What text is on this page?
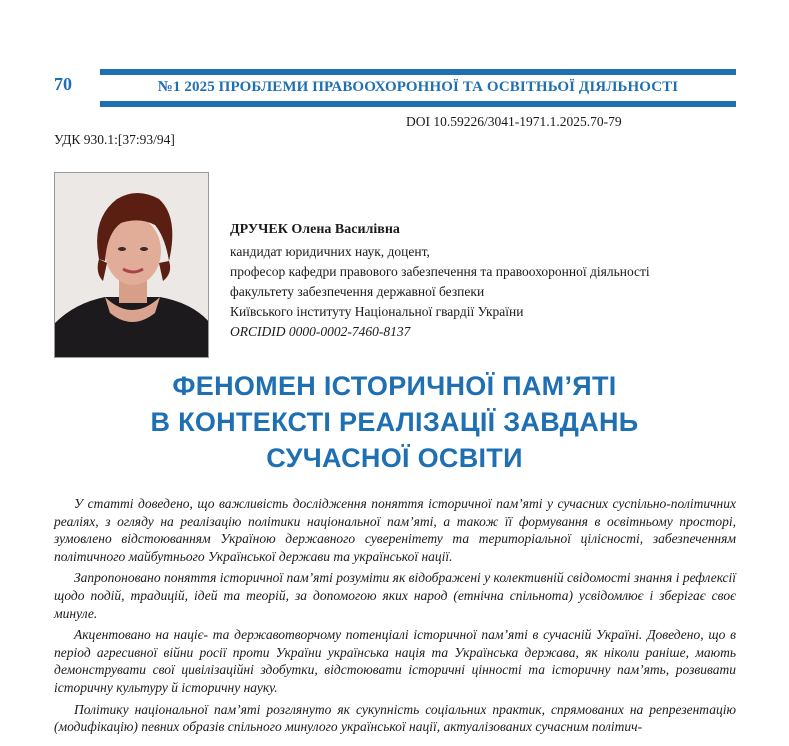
70	№1 2025 ПРОБЛЕМИ ПРАВООХОРОННОЇ ТА ОСВІТНЬОЇ ДІЯЛЬНОСТІ
DOI 10.59226/3041-1971.1.2025.70-79
УДК 930.1:[37:93/94]
ДРУЧЕК Олена Василівна
кандидат юридичних наук, доцент,
професор кафедри правового забезпечення та правоохоронної діяльності
факультету забезпечення державної безпеки
Київського інституту Національної гвардії України
ORCIDID 0000-0002-7460-8137
ФЕНОМЕН ІСТОРИЧНОЇ ПАМ’ЯТІ
В КОНТЕКСТІ РЕАЛІЗАЦІЇ ЗАВДАНЬ
СУЧАСНОЇ ОСВІТИ

У статті доведено, що важливість дослідження поняття історичної пам’яті у сучасних суспільно-політичних реаліях, з огляду на реалізацію політики національної пам’яті, а також її формування в освітньому просторі, зумовлено відстоюванням Україною державного суверенітету та територіальної цілісності, забезпеченням політичного майбутнього Української держави та української нації.

Запропоновано поняття історичної пам’яті розуміти як відображені у колективній свідомості знання і рефлексії щодо подій, традицій, ідей та теорій, за допомогою яких народ (етнічна спільнота) усвідомлює і зберігає своє минуле.

Акцентовано на націє- та державотворчому потенціалі історичної пам’яті в сучасній Україні. Доведено, що в період агресивної війни росії проти України українська нація та Українська держава, як ніколи раніше, мають демонструвати свої цивілізаційні здобутки, відстоювати історичні цінності та історичну пам’ять, розвивати історичну культуру й історичну науку.

Політику національної пам’яті розглянуто як сукупність соціальних практик, спрямованих на репрезентацію (модифікацію) певних образів спільного минулого української нації, актуалізованих сучасним політич-
